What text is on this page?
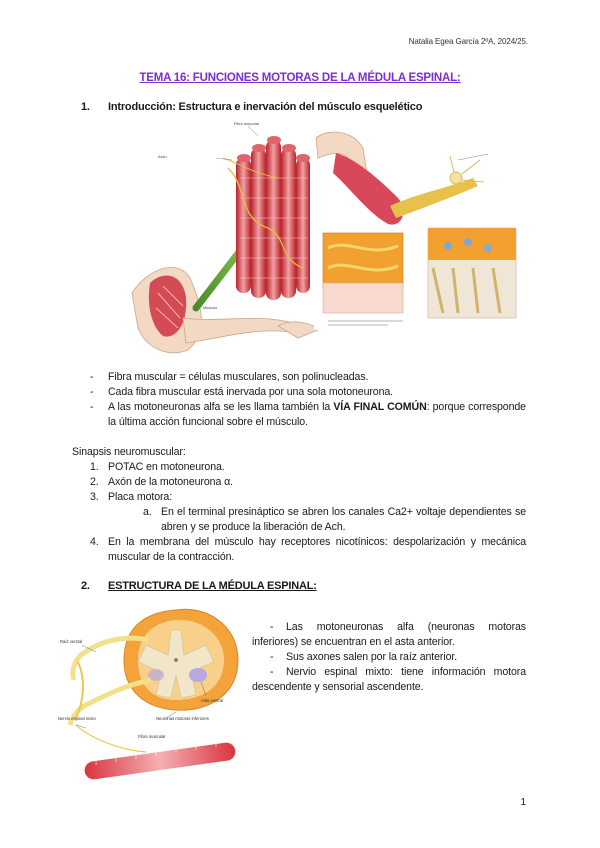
Natalia Egea García 2ºA, 2024/25.
TEMA 16: FUNCIONES MOTORAS DE LA MÉDULA ESPINAL:
1. Introducción: Estructura e inervación del músculo esquelético
Axón
Fibra muscular
Músculo
- Fibra muscular = células musculares, son polinucleadas.
- Cada fibra muscular está inervada por una sola motoneurona.
- A las motoneuronas alfa se les llama también la VÍA FINAL COMÚN: porque corresponde la última acción funcional sobre el músculo.
Sinapsis neuromuscular:
1. POTAC en motoneurona.
2. Axón de la motoneurona α.
3. Placa motora:
a. En el terminal presináptico se abren los canales Ca2+ voltaje dependientes se abren y se produce la liberación de Ach.
4. En la membrana del músculo hay receptores nicotínicos: despolarización y mecánica muscular de la contracción.
2. ESTRUCTURA DE LA MÉDULA ESPINAL:
Raíz ventral
Nervio espinal mixto	Neuronas motoras inferiores
Asta ventral
Fibra muscular
- Las motoneuronas alfa (neuronas motoras inferiores) se encuentran en el asta anterior.
- Sus axones salen por la raíz anterior.
- Nervio espinal mixto: tiene información motora descendente y sensorial ascendente.
1
